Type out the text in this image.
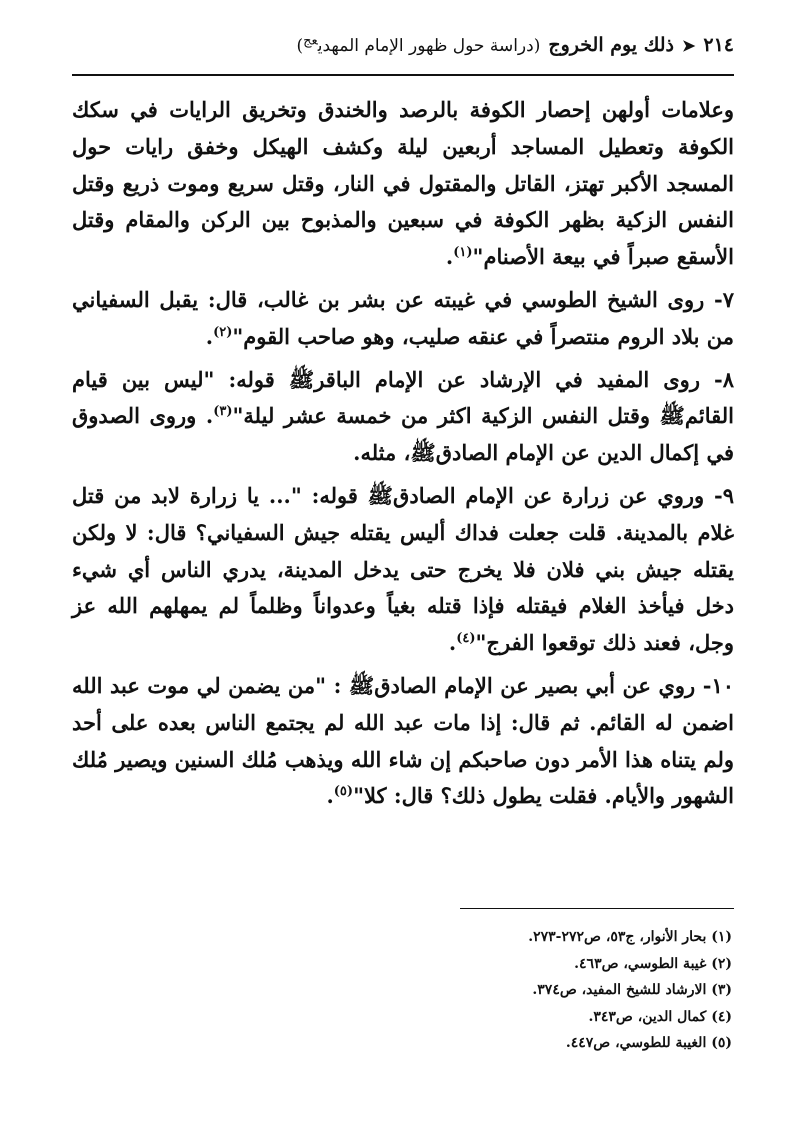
٢١٤
➤
ذلك يوم الخروج
(دراسة حول ظهور الإمام المهدي$^{عج}$)

وعلامات أولهن إحصار الكوفة بالرصد والخندق وتخريق الرايات في سكك الكوفة وتعطيل المساجد أربعين ليلة وكشف الهيكل وخفق رايات حول المسجد الأكبر تهتز، القاتل والمقتول في النار، وقتل سريع وموت ذريع وقتل النفس الزكية بظهر الكوفة في سبعين والمذبوح بين الركن والمقام وقتل الأسقع صبراً في بيعة الأصنام"$^{(١)}$.

٧- روى الشيخ الطوسي في غيبته عن بشر بن غالب، قال: يقبل السفياني من بلاد الروم منتصراً في عنقه صليب، وهو صاحب القوم"$^{(٢)}$.

٨- روى المفيد في الإرشاد عن الإمام الباقرﷺ قوله: "ليس بين قيام القائمﷺ وقتل النفس الزكية اكثر من خمسة عشر ليلة"$^{(٣)}$. وروى الصدوق في إكمال الدين عن الإمام الصادقﷺ، مثله.

٩- وروي عن زرارة عن الإمام الصادقﷺ قوله: "... يا زرارة لابد من قتل غلام بالمدينة. قلت جعلت فداك أليس يقتله جيش السفياني؟ قال: لا ولكن يقتله جيش بني فلان فلا يخرج حتى يدخل المدينة، يدري الناس أي شيء دخل فيأخذ الغلام فيقتله فإذا قتله بغياً وعدواناً وظلماً لم يمهلهم الله عز وجل، فعند ذلك توقعوا الفرج"$^{(٤)}$.

١٠- روي عن أبي بصير عن الإمام الصادقﷺ : "من يضمن لي موت عبد الله اضمن له القائم. ثم قال: إذا مات عبد الله لم يجتمع الناس بعده على أحد ولم يتناه هذا الأمر دون صاحبكم إن شاء الله ويذهب مُلك السنين ويصير مُلك الشهور والأيام. فقلت يطول ذلك؟ قال: كلا"$^{(٥)}$.

(١) بحار الأنوار، ج٥٣، ص٢٧٢-٢٧٣.

(٢) غيبة الطوسي، ص٤٦٣.

(٣) الارشاد للشيخ المفيد، ص٣٧٤.

(٤) كمال الدين، ص٣٤٣.

(٥) الغيبة للطوسي، ص٤٤٧.
